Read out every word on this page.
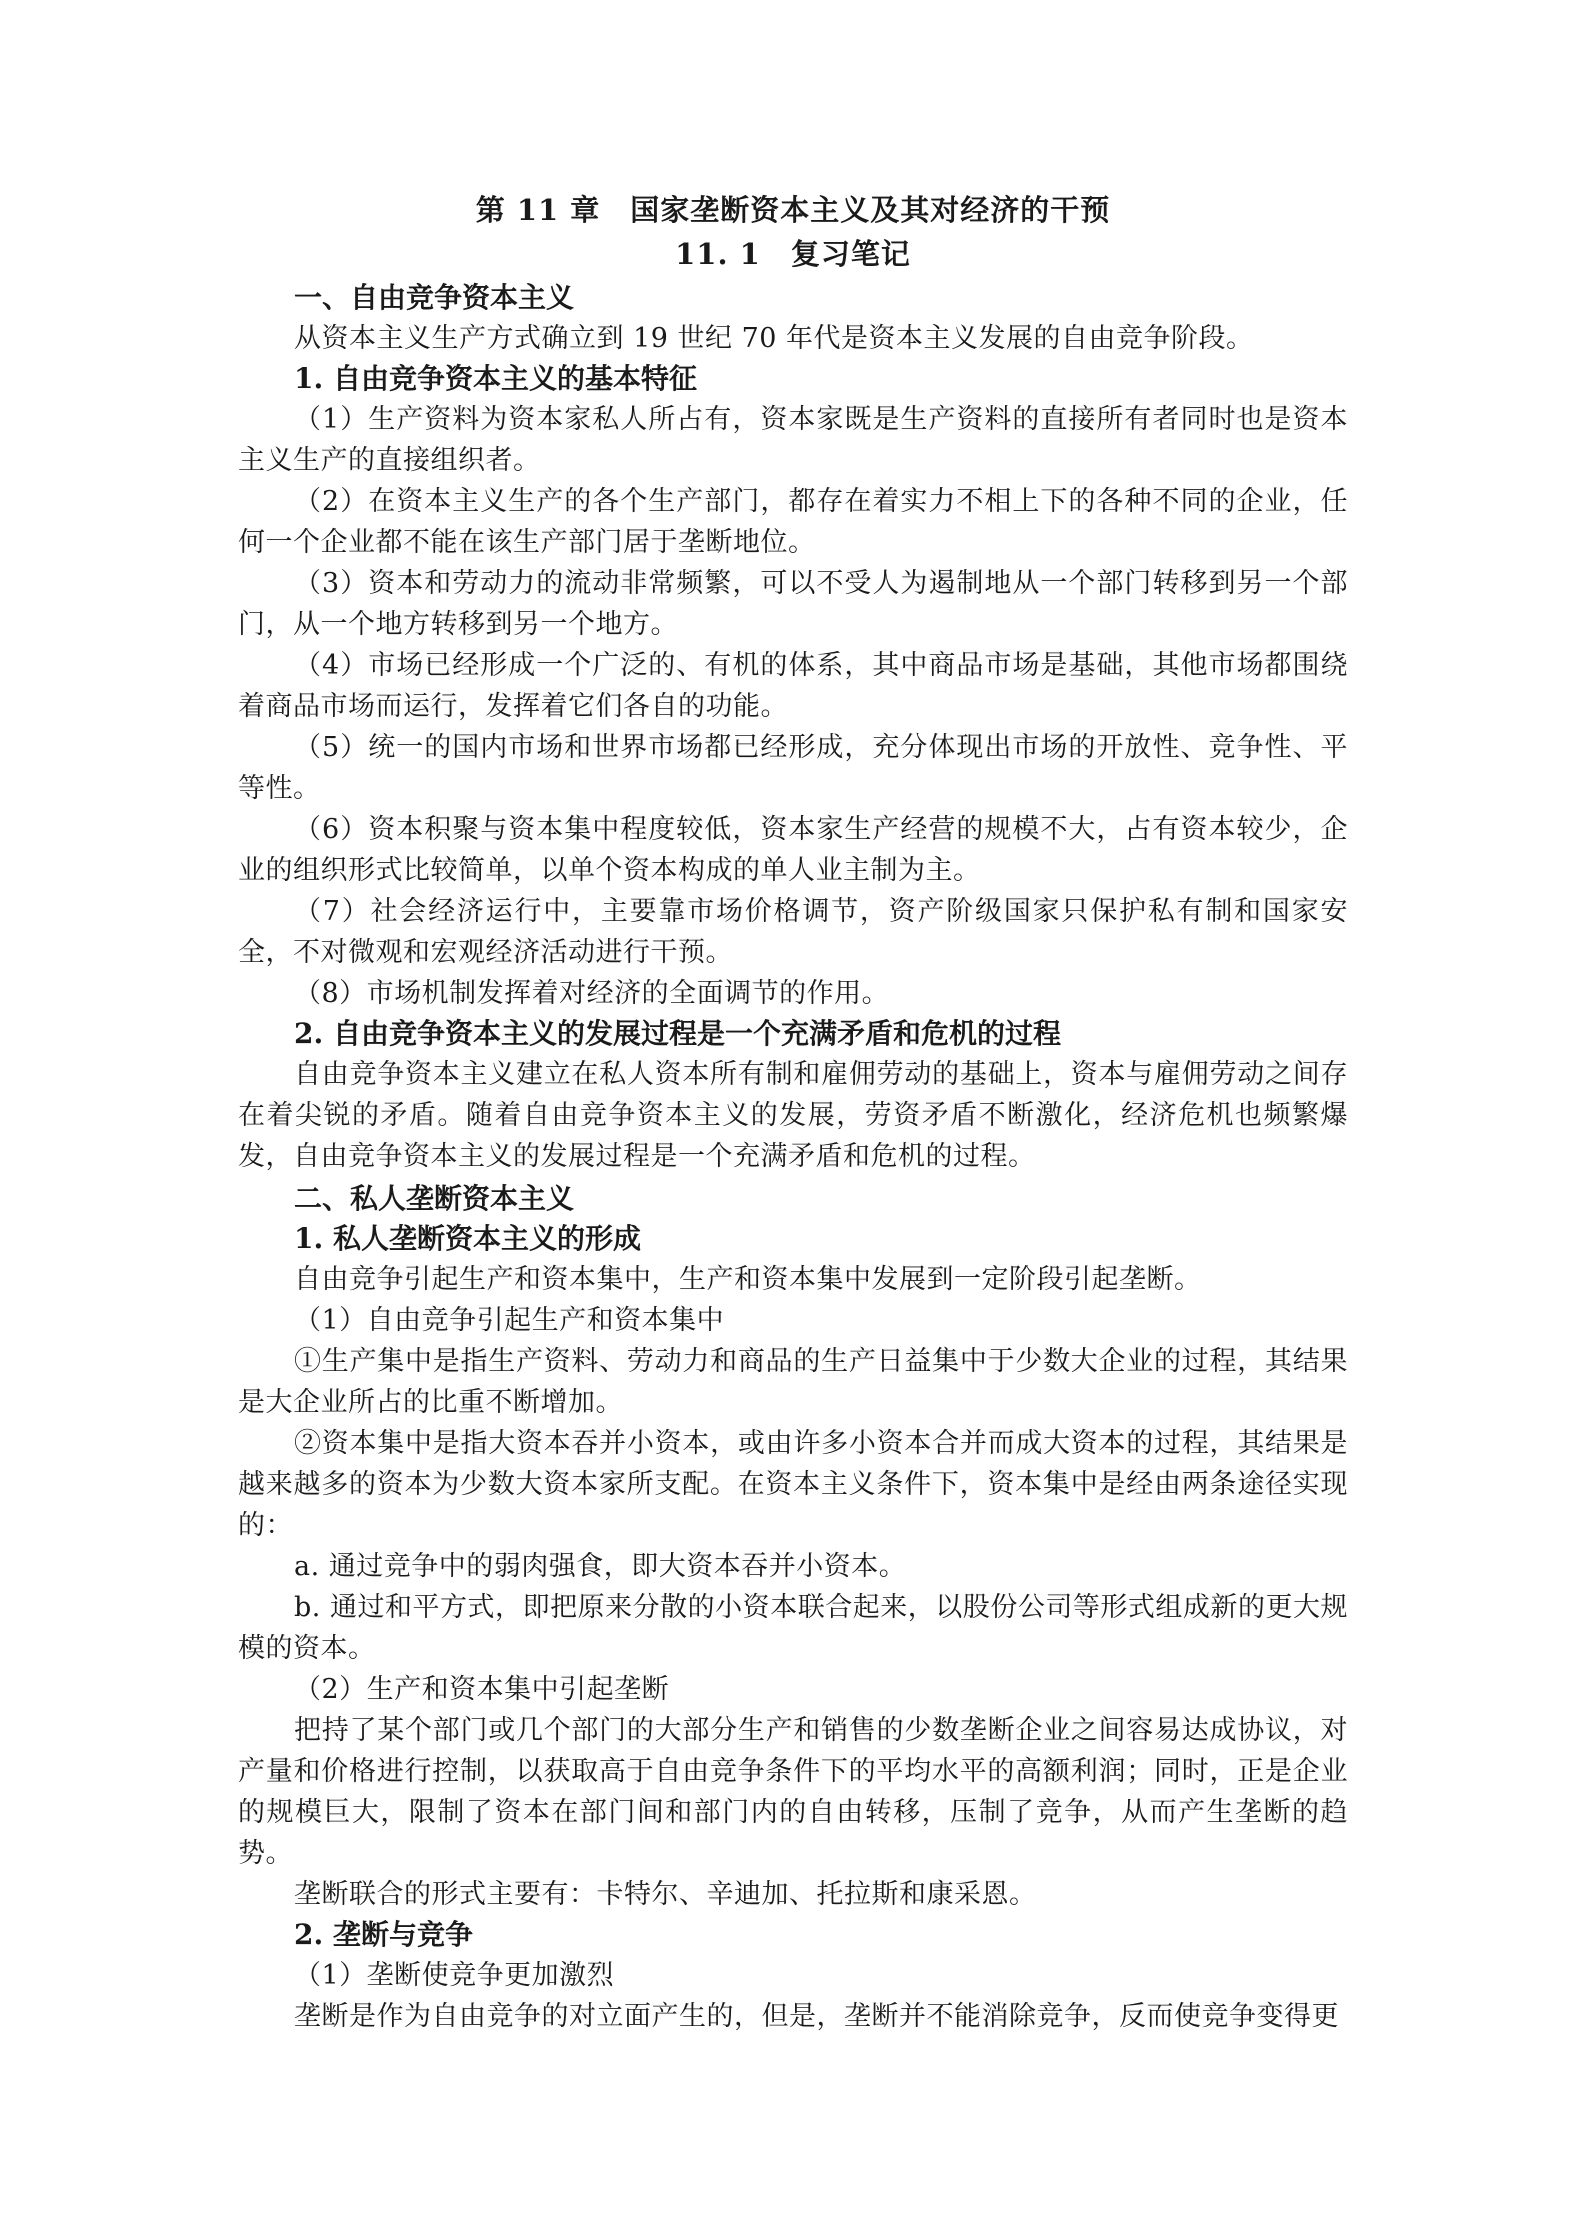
第 11 章　国家垄断资本主义及其对经济的干预
11. 1　复习笔记
一、自由竞争资本主义
从资本主义生产方式确立到 19 世纪 70 年代是资本主义发展的自由竞争阶段。
1. 自由竞争资本主义的基本特征
（1）生产资料为资本家私人所占有，资本家既是生产资料的直接所有者同时也是资本主义生产的直接组织者。
（2）在资本主义生产的各个生产部门，都存在着实力不相上下的各种不同的企业，任何一个企业都不能在该生产部门居于垄断地位。
（3）资本和劳动力的流动非常频繁，可以不受人为遏制地从一个部门转移到另一个部门，从一个地方转移到另一个地方。
（4）市场已经形成一个广泛的、有机的体系，其中商品市场是基础，其他市场都围绕着商品市场而运行，发挥着它们各自的功能。
（5）统一的国内市场和世界市场都已经形成，充分体现出市场的开放性、竞争性、平等性。
（6）资本积聚与资本集中程度较低，资本家生产经营的规模不大，占有资本较少，企业的组织形式比较简单，以单个资本构成的单人业主制为主。
（7）社会经济运行中，主要靠市场价格调节，资产阶级国家只保护私有制和国家安全，不对微观和宏观经济活动进行干预。
（8）市场机制发挥着对经济的全面调节的作用。
2. 自由竞争资本主义的发展过程是一个充满矛盾和危机的过程
自由竞争资本主义建立在私人资本所有制和雇佣劳动的基础上，资本与雇佣劳动之间存在着尖锐的矛盾。随着自由竞争资本主义的发展，劳资矛盾不断激化，经济危机也频繁爆发，自由竞争资本主义的发展过程是一个充满矛盾和危机的过程。
二、私人垄断资本主义
1. 私人垄断资本主义的形成
自由竞争引起生产和资本集中，生产和资本集中发展到一定阶段引起垄断。
（1）自由竞争引起生产和资本集中
①生产集中是指生产资料、劳动力和商品的生产日益集中于少数大企业的过程，其结果是大企业所占的比重不断增加。
②资本集中是指大资本吞并小资本，或由许多小资本合并而成大资本的过程，其结果是越来越多的资本为少数大资本家所支配。在资本主义条件下，资本集中是经由两条途径实现的：
a. 通过竞争中的弱肉强食，即大资本吞并小资本。
b. 通过和平方式，即把原来分散的小资本联合起来，以股份公司等形式组成新的更大规模的资本。
（2）生产和资本集中引起垄断
把持了某个部门或几个部门的大部分生产和销售的少数垄断企业之间容易达成协议，对产量和价格进行控制，以获取高于自由竞争条件下的平均水平的高额利润；同时，正是企业的规模巨大，限制了资本在部门间和部门内的自由转移，压制了竞争，从而产生垄断的趋势。
垄断联合的形式主要有：卡特尔、辛迪加、托拉斯和康采恩。
2. 垄断与竞争
（1）垄断使竞争更加激烈
垄断是作为自由竞争的对立面产生的，但是，垄断并不能消除竞争，反而使竞争变得更
